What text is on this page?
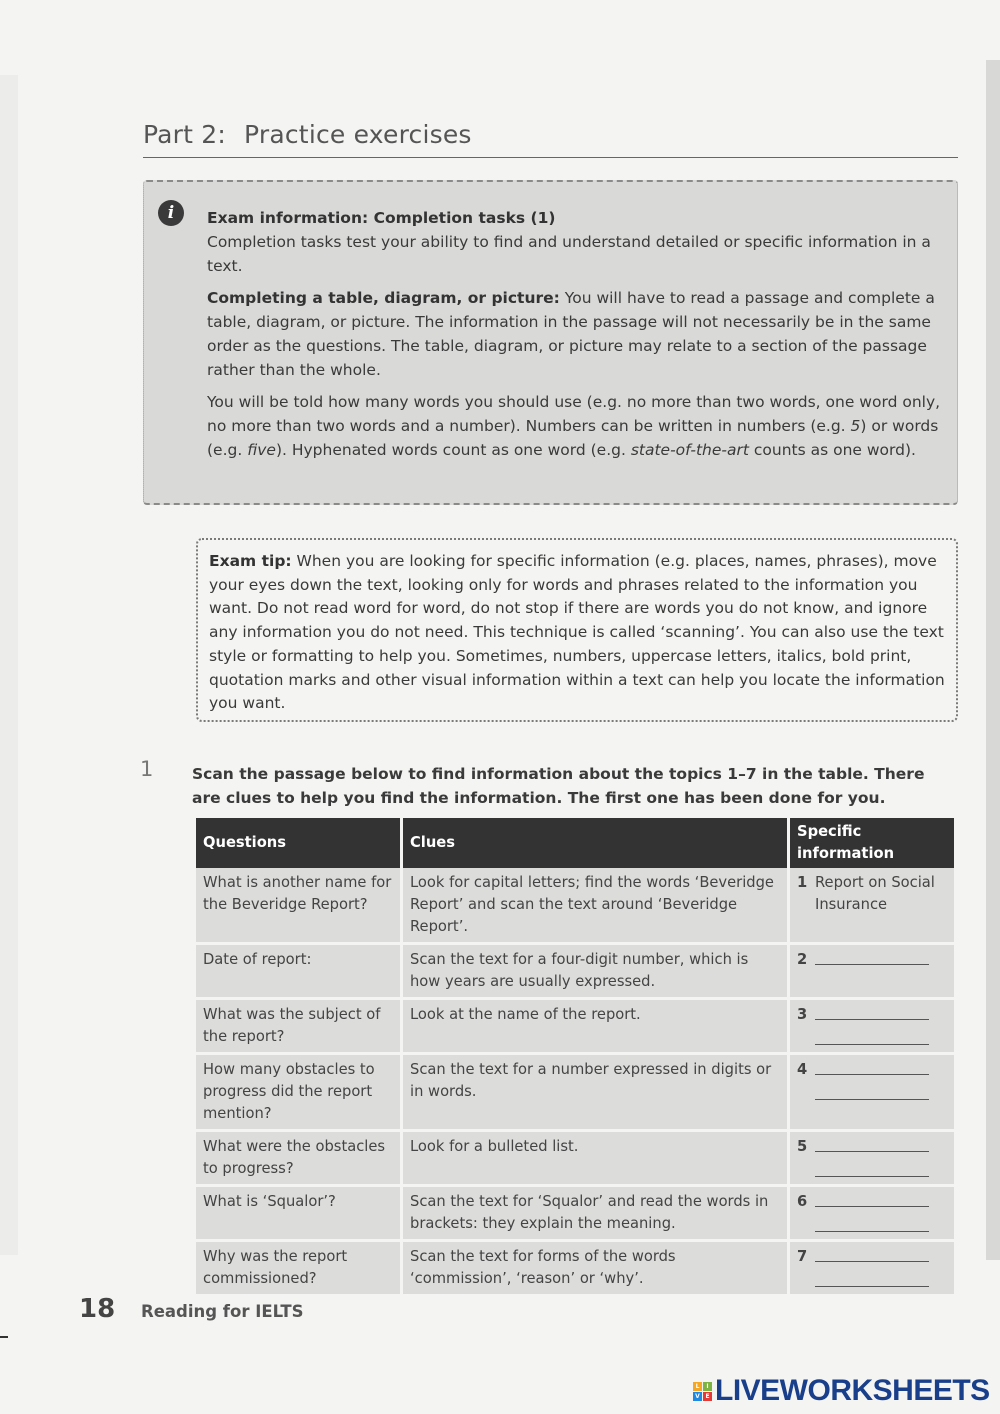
Part 2: Practice exercises
i	Exam information: Completion tasks (1)

Completion tasks test your ability to find and understand detailed or specific information in a text.

Completing a table, diagram, or picture: You will have to read a passage and complete a table, diagram, or picture. The information in the passage will not necessarily be in the same order as the questions. The table, diagram, or picture may relate to a section of the passage rather than the whole.

You will be told how many words you should use (e.g. no more than two words, one word only, no more than two words and a number). Numbers can be written in numbers (e.g. 5) or words (e.g. five). Hyphenated words count as one word (e.g. state-of-the-art counts as one word).

Exam tip: When you are looking for specific information (e.g. places, names, phrases), move your eyes down the text, looking only for words and phrases related to the information you want. Do not read word for word, do not stop if there are words you do not know, and ignore any information you do not need. This technique is called ‘scanning’. You can also use the text style or formatting to help you. Sometimes, numbers, uppercase letters, italics, bold print, quotation marks and other visual information within a text can help you locate the information you want.
1 Scan the passage below to find information about the topics 1–7 in the table. There are clues to help you find the information. The first one has been done for you.
Questions	Clues	Specific information
What is another name for the Beveridge Report?	Look for capital letters; find the words ‘Beveridge Report’ and scan the text around ‘Beveridge Report’.	1 Report on Social Insurance

Date of report:	Scan the text for a four-digit number, which is how years are usually expressed.	2

What was the subject of the report?	Look at the name of the report.	3

How many obstacles to progress did the report mention?	Scan the text for a number expressed in digits or in words.	4

What were the obstacles to progress?	Look for a bulleted list.	5

What is ‘Squalor’?	Scan the text for ‘Squalor’ and read the words in brackets: they explain the meaning.	6

Why was the report commissioned?	Scan the text for forms of the words ‘commission’, ‘reason’ or ‘why’.	7
18 Reading for IELTS
L	I
V E LIVEWORKSHEETS
